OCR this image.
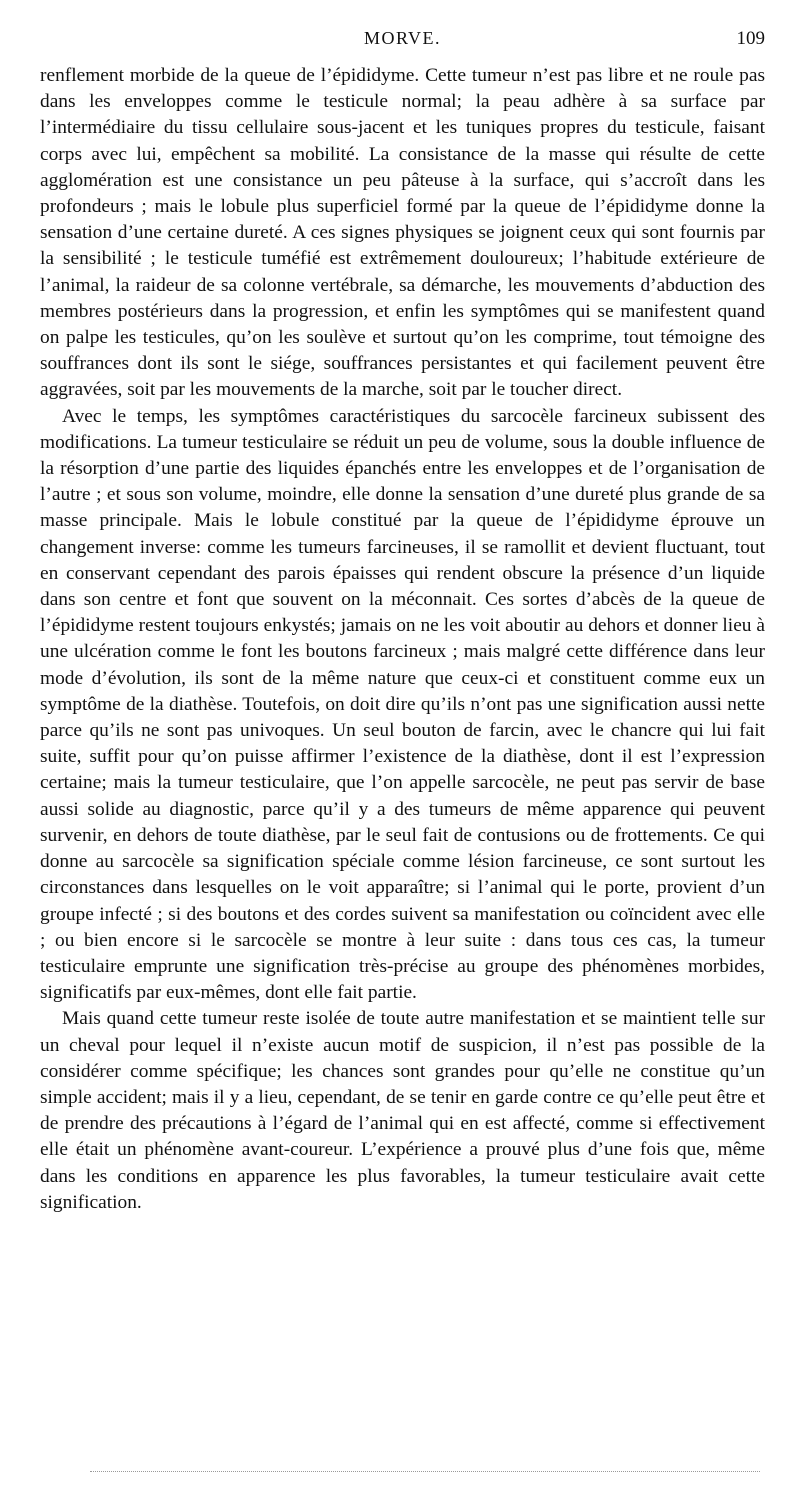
MORVE.	109

renflement morbide de la queue de l’épididyme. Cette tumeur n’est pas libre et ne roule pas dans les enveloppes comme le testicule normal; la peau adhère à sa surface par l’intermédiaire du tissu cellulaire sous-jacent et les tuniques propres du testicule, faisant corps avec lui, empêchent sa mobilité. La consistance de la masse qui résulte de cette agglomération est une consistance un peu pâteuse à la surface, qui s’accroît dans les profondeurs ; mais le lobule plus superficiel formé par la queue de l’épididyme donne la sensation d’une certaine dureté. A ces signes physiques se joignent ceux qui sont fournis par la sensibilité ; le testicule tuméfié est extrêmement douloureux; l’habitude extérieure de l’animal, la raideur de sa colonne vertébrale, sa démarche, les mouvements d’abduction des membres postérieurs dans la progression, et enfin les symptômes qui se manifestent quand on palpe les testicules, qu’on les soulève et surtout qu’on les comprime, tout témoigne des souffrances dont ils sont le siége, souffrances persistantes et qui facilement peuvent être aggravées, soit par les mouvements de la marche, soit par le toucher direct.

Avec le temps, les symptômes caractéristiques du sarcocèle farcineux subissent des modifications. La tumeur testiculaire se réduit un peu de volume, sous la double influence de la résorption d’une partie des liquides épanchés entre les enveloppes et de l’organisation de l’autre ; et sous son volume, moindre, elle donne la sensation d’une dureté plus grande de sa masse principale. Mais le lobule constitué par la queue de l’épididyme éprouve un changement inverse: comme les tumeurs farcineuses, il se ramollit et devient fluctuant, tout en conservant cependant des parois épaisses qui rendent obscure la présence d’un liquide dans son centre et font que souvent on la méconnait. Ces sortes d’abcès de la queue de l’épididyme restent toujours enkystés; jamais on ne les voit aboutir au dehors et donner lieu à une ulcération comme le font les boutons farcineux ; mais malgré cette différence dans leur mode d’évolution, ils sont de la même nature que ceux-ci et constituent comme eux un symptôme de la diathèse. Toutefois, on doit dire qu’ils n’ont pas une signification aussi nette parce qu’ils ne sont pas univoques. Un seul bouton de farcin, avec le chancre qui lui fait suite, suffit pour qu’on puisse affirmer l’existence de la diathèse, dont il est l’expression certaine; mais la tumeur testiculaire, que l’on appelle sarcocèle, ne peut pas servir de base aussi solide au diagnostic, parce qu’il y a des tumeurs de même apparence qui peuvent survenir, en dehors de toute diathèse, par le seul fait de contusions ou de frottements. Ce qui donne au sarcocèle sa signification spéciale comme lésion farcineuse, ce sont surtout les circonstances dans lesquelles on le voit apparaître; si l’animal qui le porte, provient d’un groupe infecté ; si des boutons et des cordes suivent sa manifestation ou coïncident avec elle ; ou bien encore si le sarcocèle se montre à leur suite : dans tous ces cas, la tumeur testiculaire emprunte une signification très-précise au groupe des phénomènes morbides, significatifs par eux-mêmes, dont elle fait partie.

Mais quand cette tumeur reste isolée de toute autre manifestation et se maintient telle sur un cheval pour lequel il n’existe aucun motif de suspicion, il n’est pas possible de la considérer comme spécifique; les chances sont grandes pour qu’elle ne constitue qu’un simple accident; mais il y a lieu, cependant, de se tenir en garde contre ce qu’elle peut être et de prendre des précautions à l’égard de l’animal qui en est affecté, comme si effectivement elle était un phénomène avant-coureur. L’expérience a prouvé plus d’une fois que, même dans les conditions en apparence les plus favorables, la tumeur testiculaire avait cette signification.
